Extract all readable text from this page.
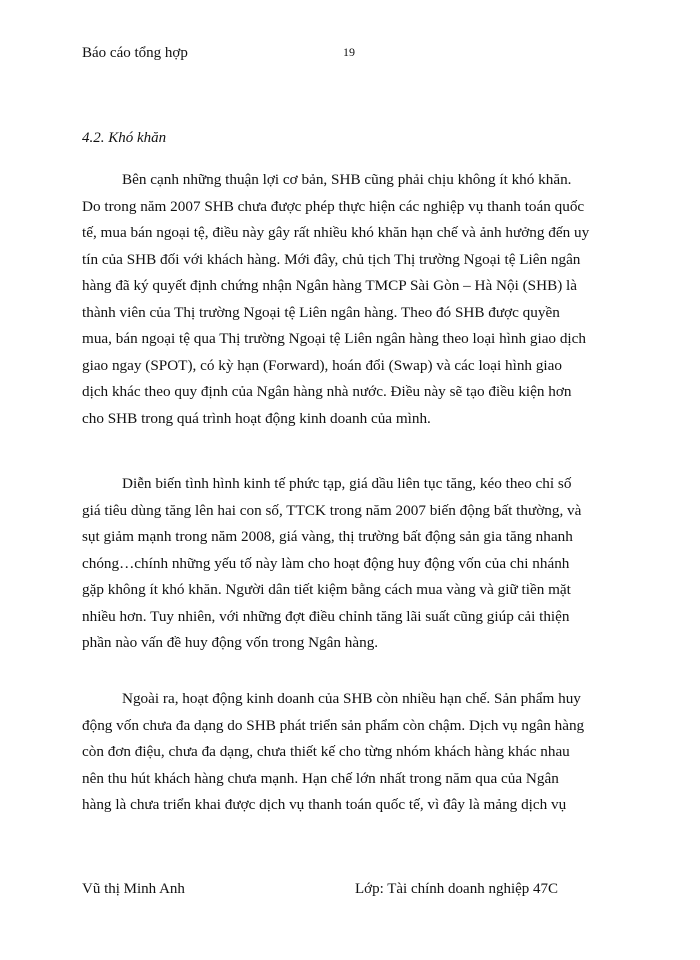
Báo cáo tổng hợp	19
4.2. Khó khăn

Bên cạnh những thuận lợi cơ bản, SHB cũng phải chịu không ít khó khăn.
Do trong năm 2007 SHB chưa được phép thực hiện các nghiệp vụ thanh toán quốc
tế, mua bán ngoại tệ, điều này gây rất nhiều khó khăn hạn chế và ảnh hưởng đến uy
tín của SHB đối với khách hàng. Mới đây, chủ tịch Thị trường Ngoại tệ Liên ngân
hàng đã ký quyết định chứng nhận Ngân hàng TMCP Sài Gòn – Hà Nội (SHB) là
thành viên của Thị trường Ngoại tệ Liên ngân hàng. Theo đó SHB được quyền
mua, bán ngoại tệ qua Thị trường Ngoại tệ Liên ngân hàng theo loại hình giao dịch
giao ngay (SPOT), có kỳ hạn (Forward), hoán đổi (Swap) và các loại hình giao
dịch khác theo quy định của Ngân hàng nhà nước. Điều này sẽ tạo điều kiện hơn
cho SHB trong quá trình hoạt động kinh doanh của mình.

Diễn biến tình hình kinh tế phức tạp, giá dầu liên tục tăng, kéo theo chỉ số
giá tiêu dùng tăng lên hai con số, TTCK trong năm 2007 biến động bất thường, và
sụt giảm mạnh trong năm 2008, giá vàng, thị trường bất động sản gia tăng nhanh
chóng…chính những yếu tố này làm cho hoạt động huy động vốn của chi nhánh
gặp không ít khó khăn. Người dân tiết kiệm bằng cách mua vàng và giữ tiền mặt
nhiều hơn. Tuy nhiên, với những đợt điều chỉnh tăng lãi suất cũng giúp cải thiện
phần nào vấn đề huy động vốn trong Ngân hàng.

Ngoài ra, hoạt động kinh doanh của SHB còn nhiều hạn chế. Sản phẩm huy
động vốn chưa đa dạng do SHB phát triển sản phẩm còn chậm. Dịch vụ ngân hàng
còn đơn điệu, chưa đa dạng, chưa thiết kế cho từng nhóm khách hàng khác nhau
nên thu hút khách hàng chưa mạnh. Hạn chế lớn nhất trong năm qua của Ngân
hàng là chưa triển khai được dịch vụ thanh toán quốc tế, vì đây là mảng dịch vụ

Vũ thị Minh Anh	Lớp: Tài chính doanh nghiệp 47C
